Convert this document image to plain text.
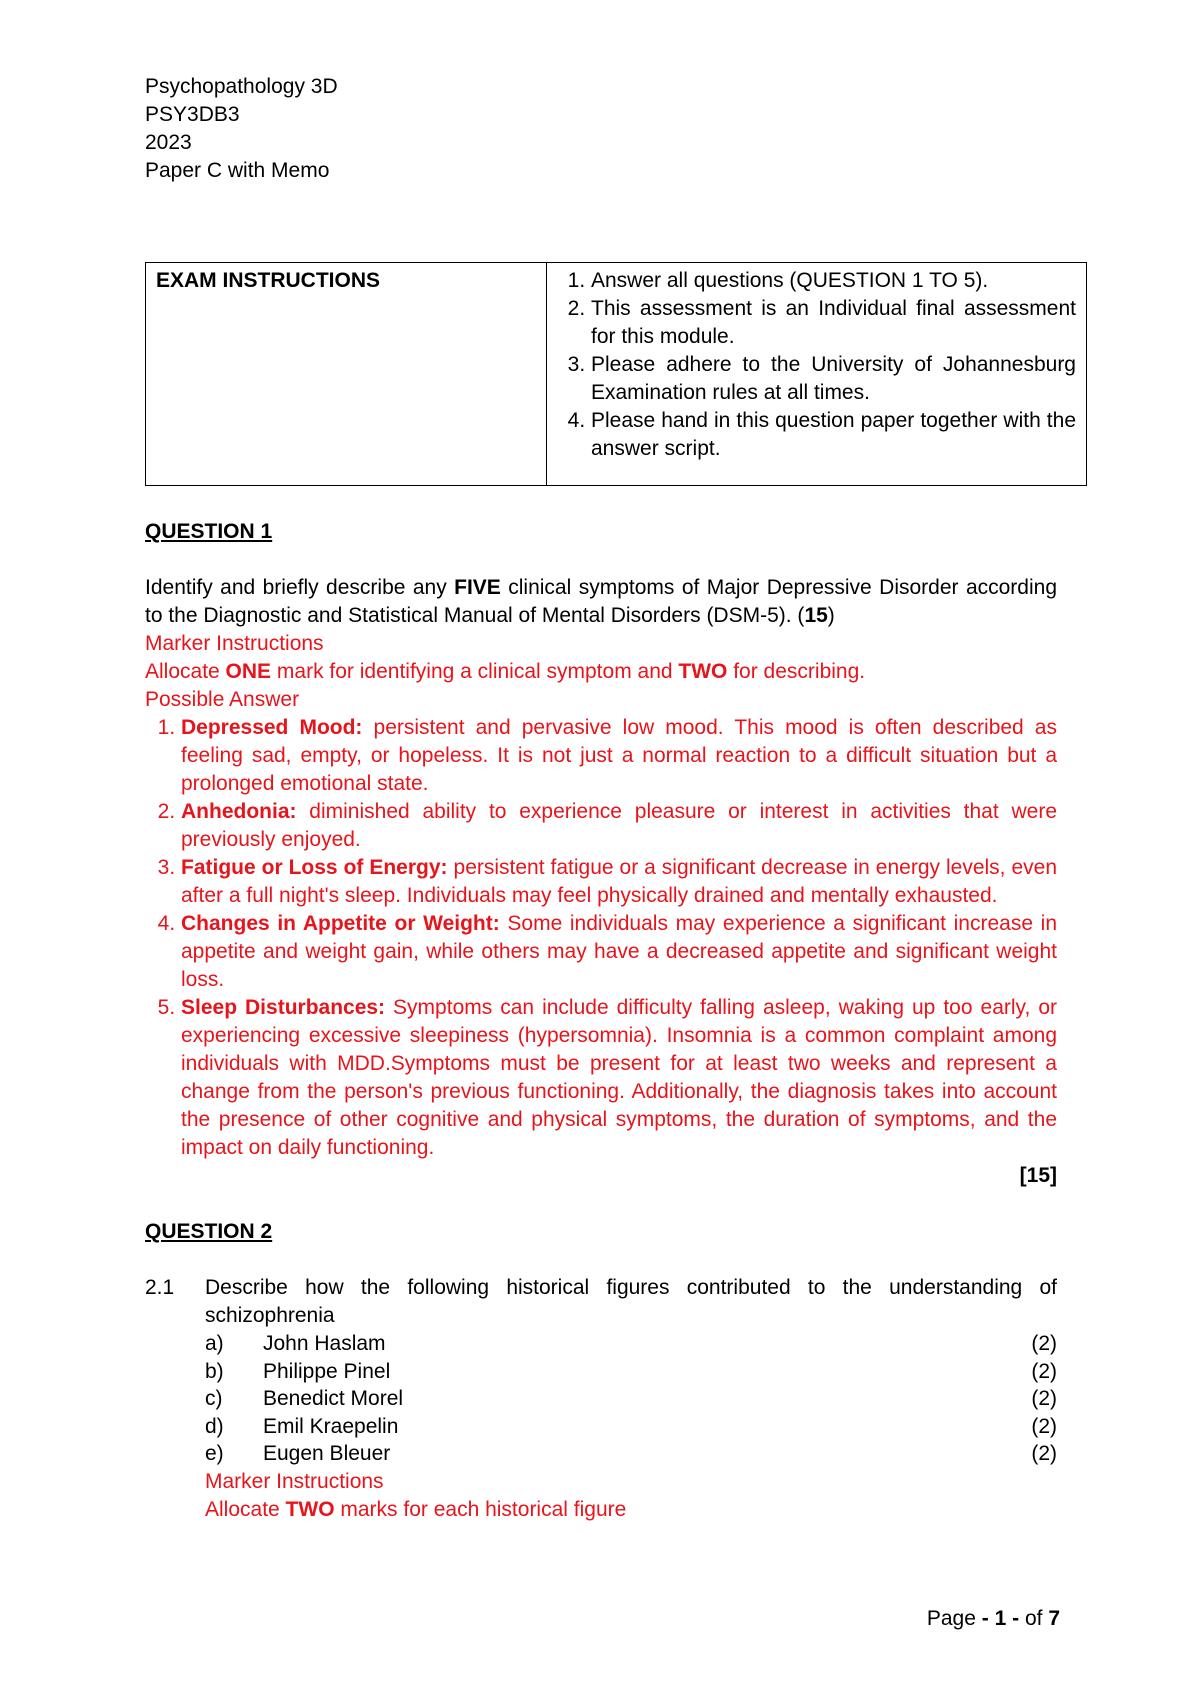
Psychopathology 3D
PSY3DB3
2023
Paper C with Memo
EXAM INSTRUCTIONS	
1.Answer all questions (QUESTION 1 TO 5).
2. This assessment is an Individual final assessment for this module.
3. Please adhere to the University of Johannesburg Examination rules at all times.
4. Please hand in this question paper together with the answer script.
QUESTION 1
Identify and briefly describe any FIVE clinical symptoms of Major Depressive Disorder according to the Diagnostic and Statistical Manual of Mental Disorders (DSM-5). (15)
Marker Instructions
Allocate ONE mark for identifying a clinical symptom and TWO for describing.
Possible Answer
1. Depressed Mood: persistent and pervasive low mood. This mood is often described as feeling sad, empty, or hopeless. It is not just a normal reaction to a difficult situation but a prolonged emotional state.
2. Anhedonia: diminished ability to experience pleasure or interest in activities that were previously enjoyed.
3. Fatigue or Loss of Energy: persistent fatigue or a significant decrease in energy levels, even after a full night's sleep. Individuals may feel physically drained and mentally exhausted.
4. Changes in Appetite or Weight: Some individuals may experience a significant increase in appetite and weight gain, while others may have a decreased appetite and significant weight loss.
5. Sleep Disturbances: Symptoms can include difficulty falling asleep, waking up too early, or experiencing excessive sleepiness (hypersomnia). Insomnia is a common complaint among individuals with MDD.Symptoms must be present for at least two weeks and represent a change from the person's previous functioning. Additionally, the diagnosis takes into account the presence of other cognitive and physical symptoms, the duration of symptoms, and the impact on daily functioning.
[15]
QUESTION 2
2.1 Describe how the following historical figures contributed to the understanding of schizophrenia
a) John Haslam	(2)
b) Philippe Pinel	(2)
c) Benedict Morel	(2)
d) Emil Kraepelin	(2)
e) Eugen Bleuer	(2)
Marker Instructions
Allocate TWO marks for each historical figure
Page - 1 - of 7
